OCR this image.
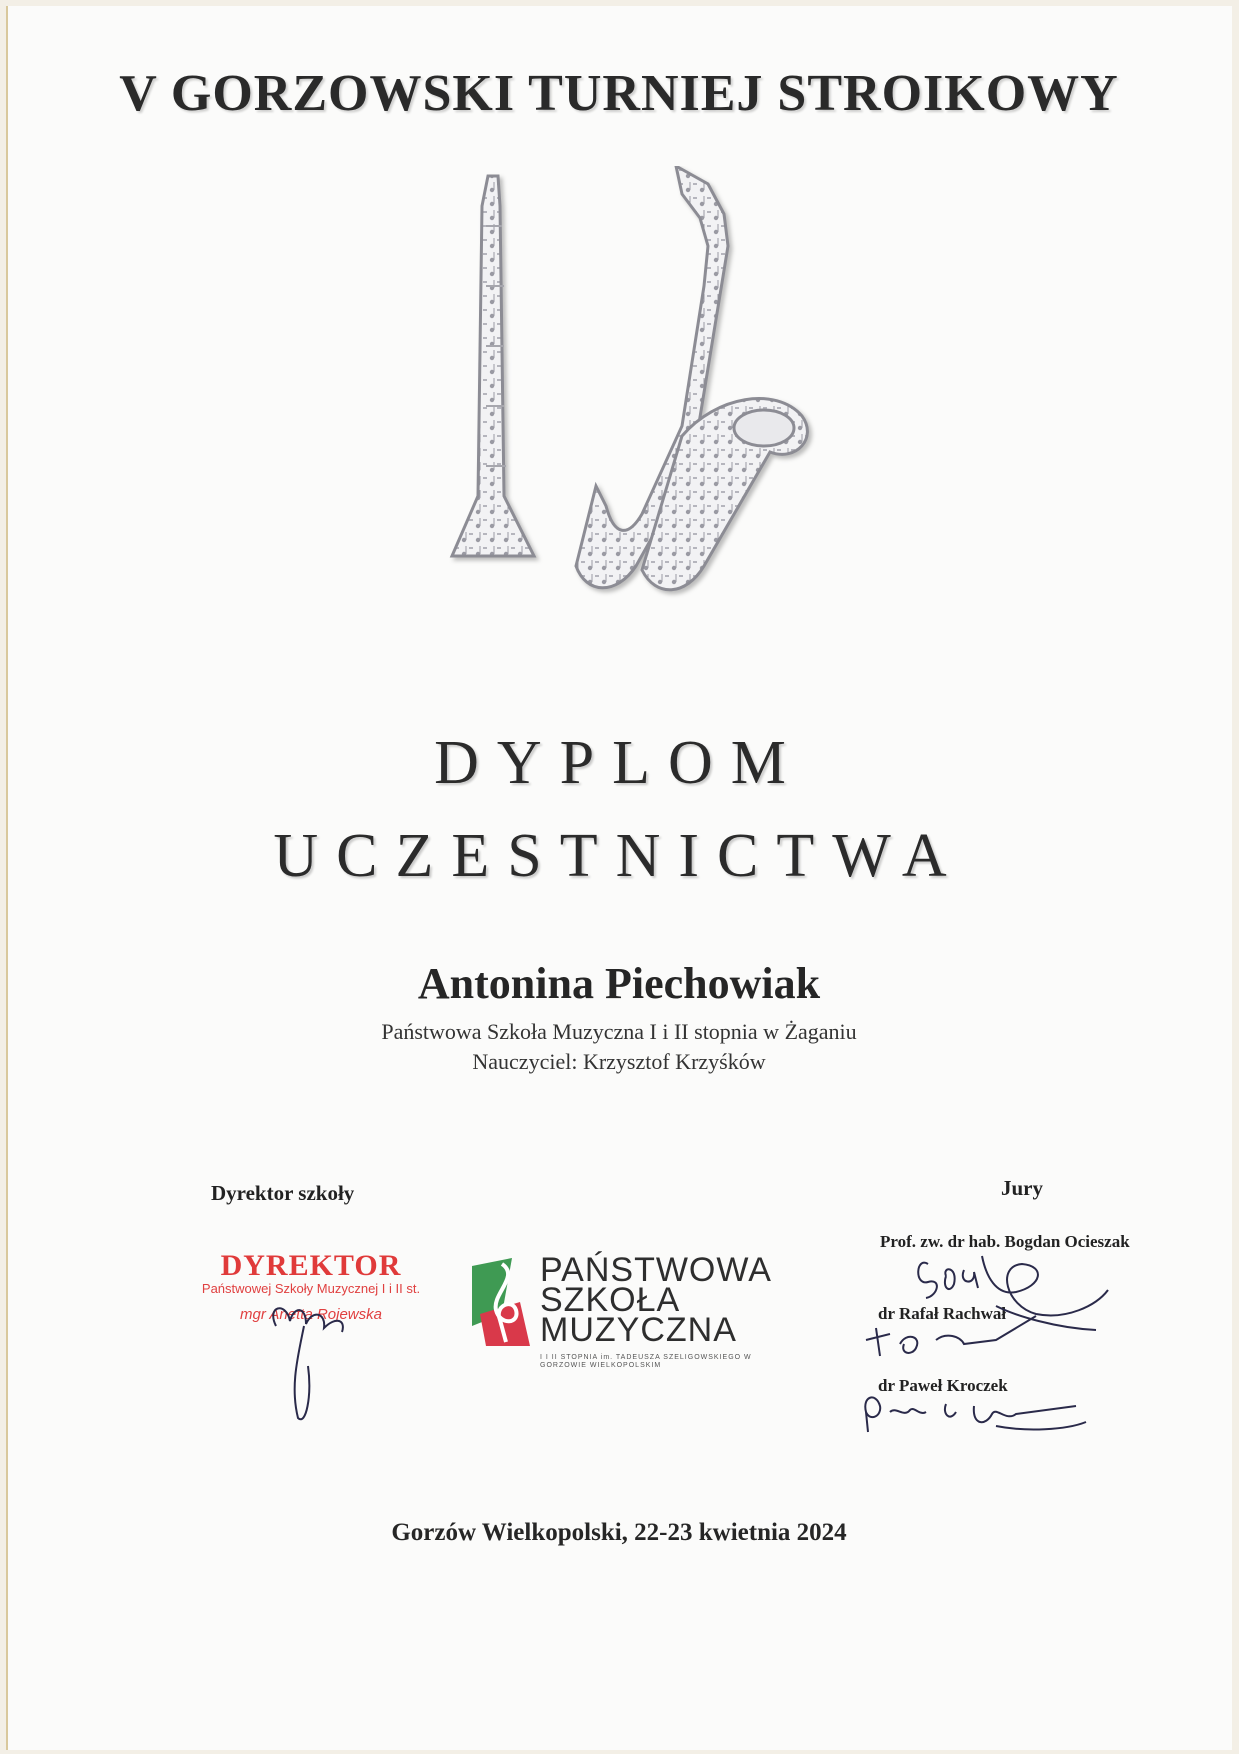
V GORZOWSKI TURNIEJ STROIKOWY
DYPLOM
UCZESTNICTWA
Antonina Piechowiak
Państwowa Szkoła Muzyczna I i II stopnia w Żaganiu
Nauczyciel: Krzysztof Krzyśków
Dyrektor szkoły	Jury
DYREKTOR
Państwowej Szkoły Muzycznej I i II st.
mgr Anetta Rojewska
PAŃSTWOWA
SZKOŁA
MUZYCZNA
I I II STOPNIA im. TADEUSZA SZELIGOWSKIEGO W GORZOWIE WIELKOPOLSKIM
Prof. zw. dr hab. Bogdan Ocieszak
dr Rafał Rachwał
dr Paweł Kroczek
Gorzów Wielkopolski, 22-23 kwietnia 2024
